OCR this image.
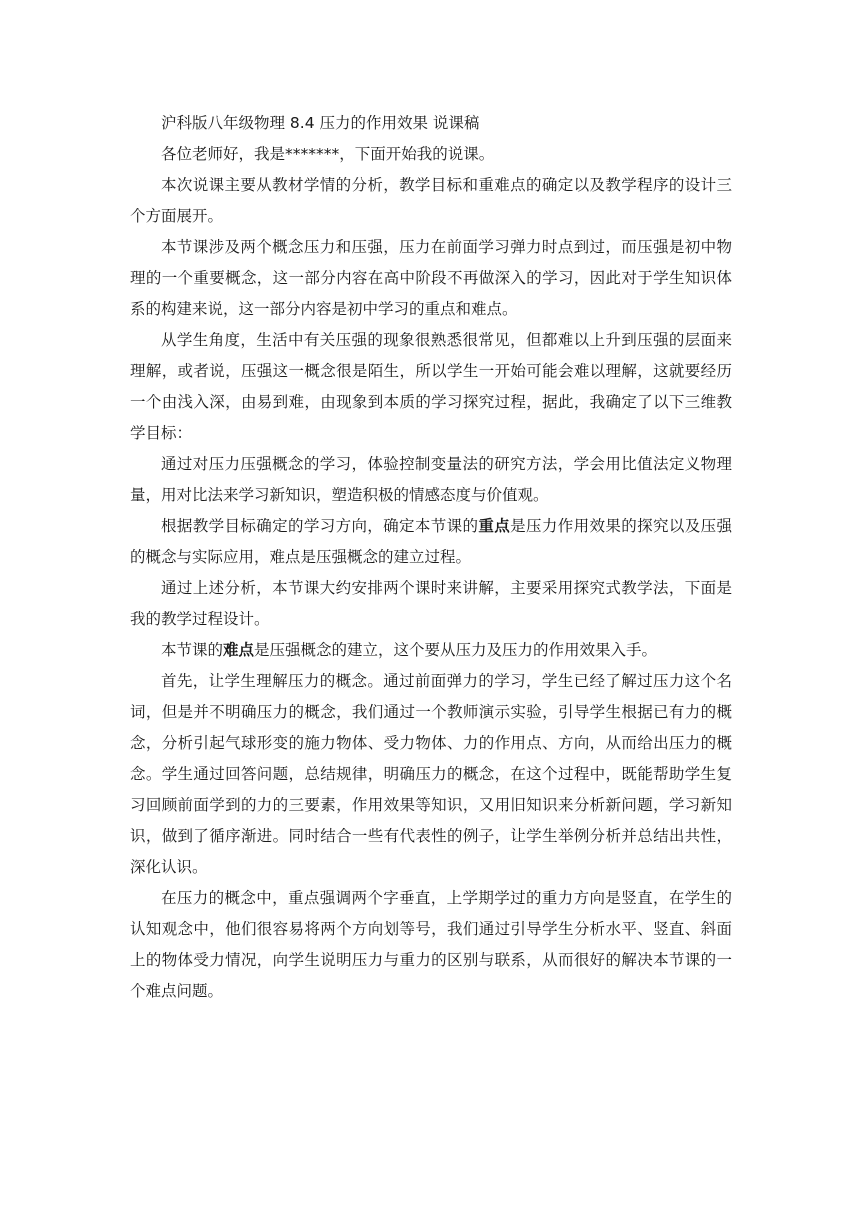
沪科版八年级物理 8.4 压力的作用效果 说课稿

各位老师好，我是*******，下面开始我的说课。

本次说课主要从教材学情的分析，教学目标和重难点的确定以及教学程序的设计三个方面展开。

本节课涉及两个概念压力和压强，压力在前面学习弹力时点到过，而压强是初中物理的一个重要概念，这一部分内容在高中阶段不再做深入的学习，因此对于学生知识体系的构建来说，这一部分内容是初中学习的重点和难点。

从学生角度，生活中有关压强的现象很熟悉很常见，但都难以上升到压强的层面来理解，或者说，压强这一概念很是陌生，所以学生一开始可能会难以理解，这就要经历一个由浅入深，由易到难，由现象到本质的学习探究过程，据此，我确定了以下三维教学目标：

通过对压力压强概念的学习，体验控制变量法的研究方法，学会用比值法定义物理量，用对比法来学习新知识，塑造积极的情感态度与价值观。

根据教学目标确定的学习方向，确定本节课的重点是压力作用效果的探究以及压强的概念与实际应用，难点是压强概念的建立过程。

通过上述分析，本节课大约安排两个课时来讲解，主要采用探究式教学法，下面是我的教学过程设计。

本节课的难点是压强概念的建立，这个要从压力及压力的作用效果入手。

首先，让学生理解压力的概念。通过前面弹力的学习，学生已经了解过压力这个名词，但是并不明确压力的概念，我们通过一个教师演示实验，引导学生根据已有力的概念，分析引起气球形变的施力物体、受力物体、力的作用点、方向，从而给出压力的概念。学生通过回答问题，总结规律，明确压力的概念，在这个过程中，既能帮助学生复习回顾前面学到的力的三要素，作用效果等知识，又用旧知识来分析新问题，学习新知识，做到了循序渐进。同时结合一些有代表性的例子，让学生举例分析并总结出共性，深化认识。

在压力的概念中，重点强调两个字垂直，上学期学过的重力方向是竖直，在学生的认知观念中，他们很容易将两个方向划等号，我们通过引导学生分析水平、竖直、斜面上的物体受力情况，向学生说明压力与重力的区别与联系，从而很好的解决本节课的一个难点问题。
